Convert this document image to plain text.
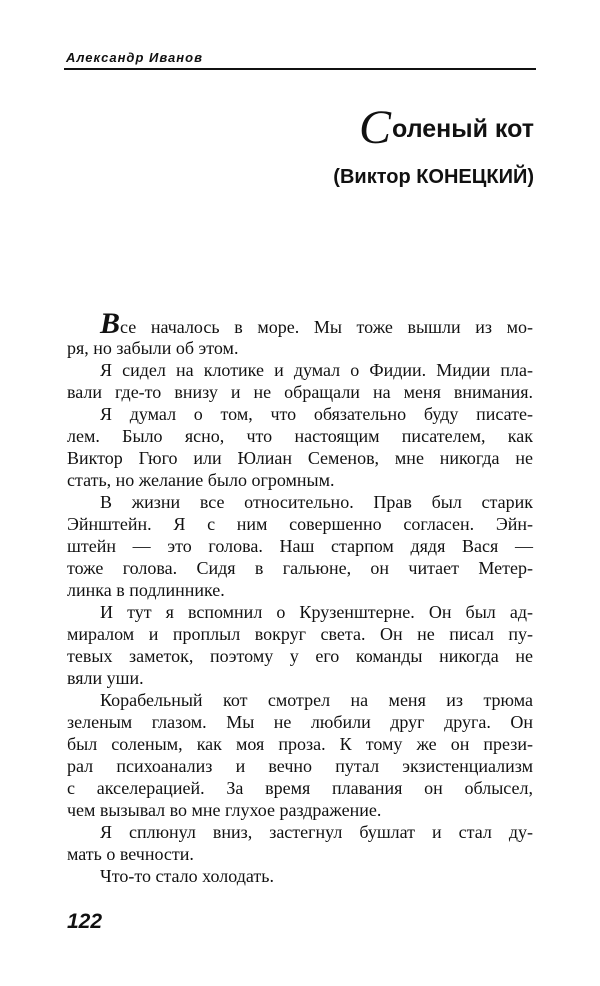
Александр Иванов
Соленый кот
(Виктор КОНЕЦКИЙ)
Все началось в море. Мы тоже вышли из мо-
ря, но забыли об этом.
Я сидел на клотике и думал о Фидии. Мидии пла-
вали где-то внизу и не обращали на меня внимания.
Я думал о том, что обязательно буду писате-
лем. Было ясно, что настоящим писателем, как
Виктор Гюго или Юлиан Семенов, мне никогда не
стать, но желание было огромным.
В жизни все относительно. Прав был старик
Эйнштейн. Я с ним совершенно согласен. Эйн-
штейн — это голова. Наш старпом дядя Вася —
тоже голова. Сидя в гальюне, он читает Метер-
линка в подлиннике.
И тут я вспомнил о Крузенштерне. Он был ад-
миралом и проплыл вокруг света. Он не писал пу-
тевых заметок, поэтому у его команды никогда не
вяли уши.
Корабельный кот смотрел на меня из трюма
зеленым глазом. Мы не любили друг друга. Он
был соленым, как моя проза. К тому же он прези-
рал психоанализ и вечно путал экзистенциализм
с акселерацией. За время плавания он облысел,
чем вызывал во мне глухое раздражение.
Я сплюнул вниз, застегнул бушлат и стал ду-
мать о вечности.
Что-то стало холодать.
122
